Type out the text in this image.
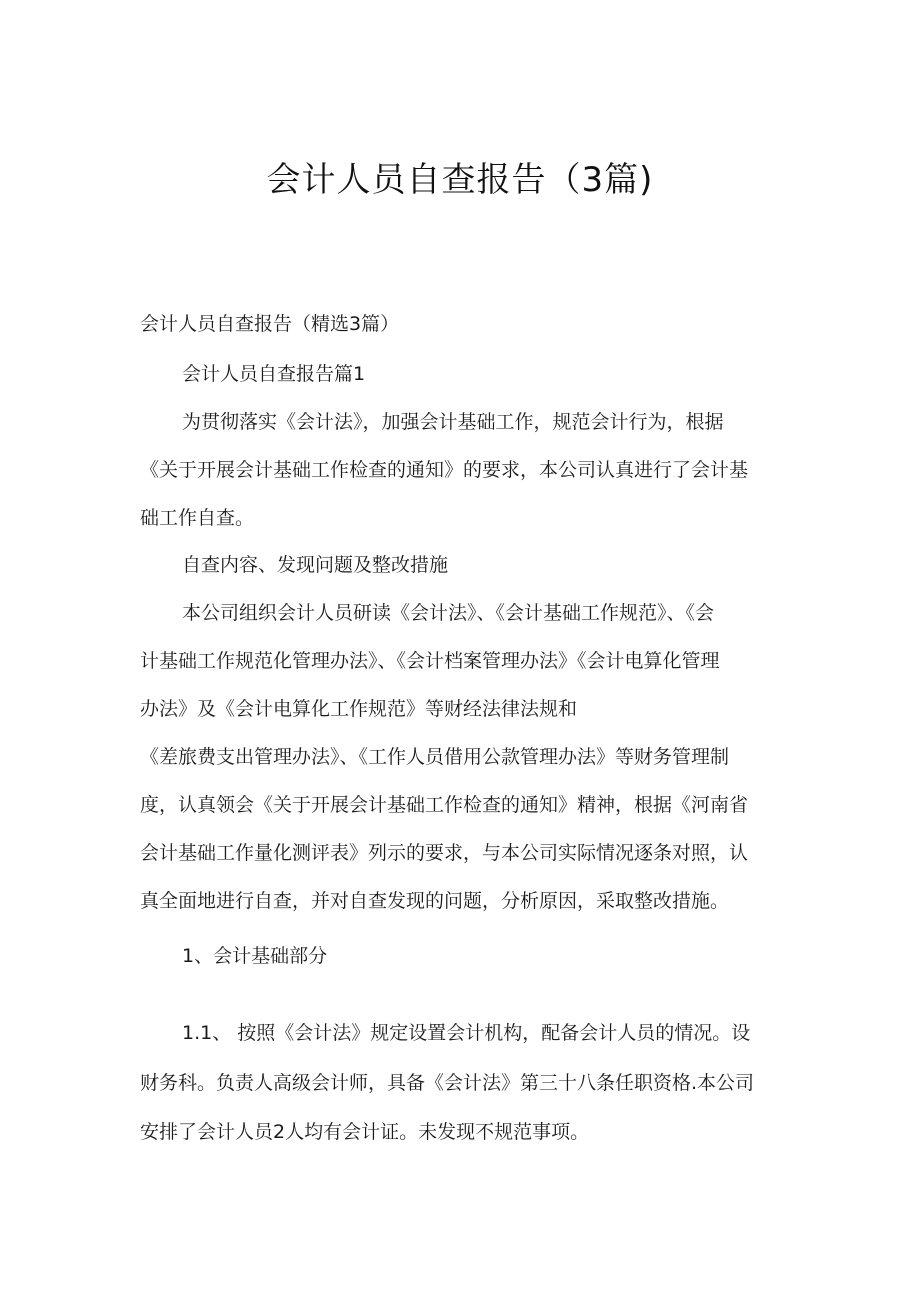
会计人员自查报告（3篇)
会计人员自查报告（精选3篇）
会计人员自查报告篇1
为贯彻落实《会计法》，加强会计基础工作，规范会计行为，根据
《关于开展会计基础工作检查的通知》的要求，本公司认真进行了会计基
础工作自查。
自查内容、发现问题及整改措施
本公司组织会计人员研读《会计法》、《会计基础工作规范》、《会
计基础工作规范化管理办法》、《会计档案管理办法》《会计电算化管理
办法》及《会计电算化工作规范》等财经法律法规和
《差旅费支出管理办法》、《工作人员借用公款管理办法》等财务管理制
度，认真领会《关于开展会计基础工作检查的通知》精神，根据《河南省
会计基础工作量化测评表》列示的要求，与本公司实际情况逐条对照，认
真全面地进行自查，并对自查发现的问题，分析原因，采取整改措施。
1、会计基础部分
1.1、 按照《会计法》规定设置会计机构，配备会计人员的情况。设
财务科。负责人高级会计师，具备《会计法》第三十八条任职资格.本公司
安排了会计人员2人均有会计证。未发现不规范事项。
